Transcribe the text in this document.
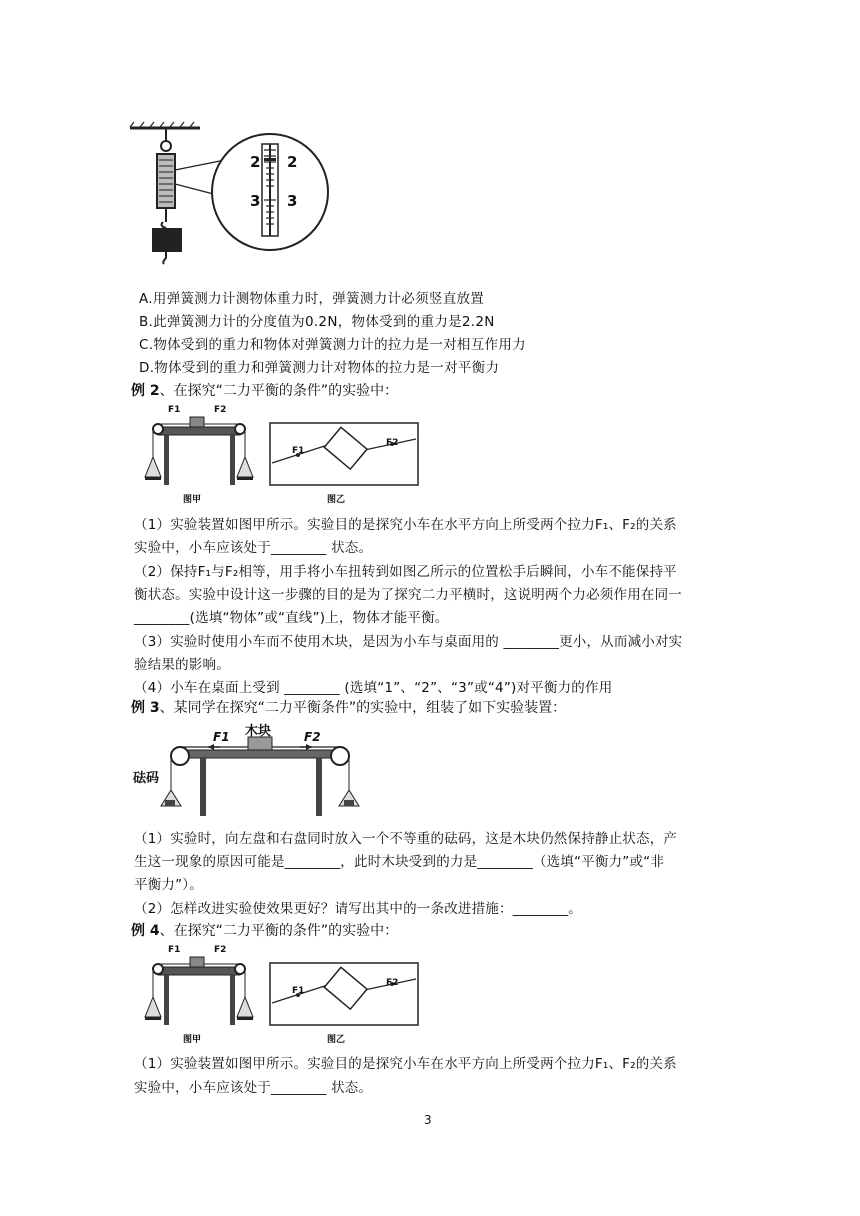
2 2
3 3
A.用弹簧测力计测物体重力时，弹簧测力计必须竖直放置
B.此弹簧测力计的分度值为0.2N，物体受到的重力是2.2N
C.物体受到的重力和物体对弹簧测力计的拉力是一对相互作用力
D.物体受到的重力和弹簧测力计对物体的拉力是一对平衡力
例 2、在探究“二力平衡的条件”的实验中：
F1	F2
F1
F2
图甲	图乙
（1）实验装置如图甲所示。实验目的是探究小车在水平方向上所受两个拉力F₁、F₂的关系
实验中，小车应该处于________ 状态。
（2）保持F₁与F₂相等，用手将小车扭转到如图乙所示的位置松手后瞬间，小车不能保持平
衡状态。实验中设计这一步骤的目的是为了探究二力平横时，这说明两个力必须作用在同一
________(选填“物体”或“直线”)上，物体才能平衡。
（3）实验时使用小车而不使用木块，是因为小车与桌面用的 ________更小，从而减小对实
验结果的影响。
（4）小车在桌面上受到 ________ (选填“1”、“2”、“3”或“4”)对平衡力的作用
例 3、某同学在探究“二力平衡条件”的实验中，组装了如下实验装置：
木块
F1	F2
砝码
（1）实验时，向左盘和右盘同时放入一个不等重的砝码，这是木块仍然保持静止状态，产
生这一现象的原因可能是________，此时木块受到的力是________（选填“平衡力”或“非
平衡力”）。
（2）怎样改进实验使效果更好？请写出其中的一条改进措施：________。
例 4、在探究“二力平衡的条件”的实验中：
F1	F2
F1
F2
图甲	图乙
（1）实验装置如图甲所示。实验目的是探究小车在水平方向上所受两个拉力F₁、F₂的关系
实验中，小车应该处于________ 状态。
3
